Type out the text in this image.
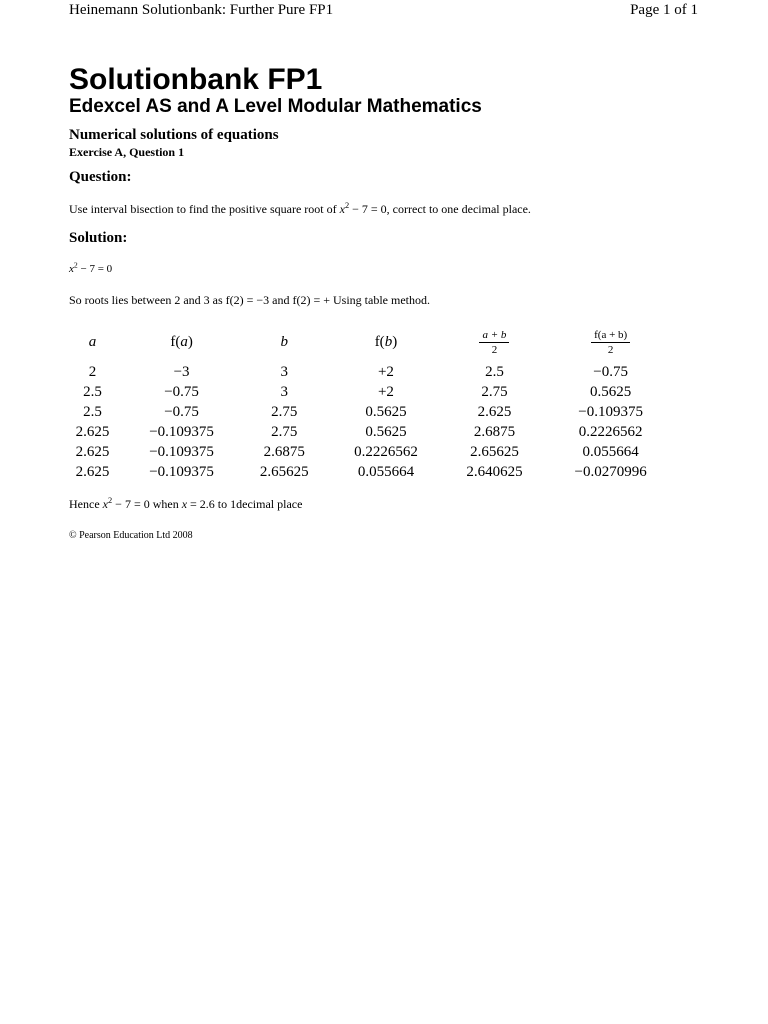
Heinemann Solutionbank: Further Pure FP1	Page 1 of 1
Solutionbank FP1
Edexcel AS and A Level Modular Mathematics
Numerical solutions of equations
Exercise A, Question 1
Question:
Use interval bisection to find the positive square root of $x^2 - 7 = 0$, correct to one decimal place.
Solution:
$x^2 - 7 = 0$
So roots lies between 2 and 3 as f(2) = −3 and f(2) = + Using table method.
a	f(a)	b	f(b)	$\frac{a + b}{2}$	$\frac{f(a + b)}{2}$

2	−3	3	+2	2.5	−0.75
2.5	−0.75	3	+2	2.75	0.5625
2.5	−0.75	2.75	0.5625	2.625	−0.109375
2.625	−0.109375	2.75	0.5625	2.6875	0.2226562
2.625	−0.109375	2.6875	0.2226562	2.65625	0.055664
2.625	−0.109375	2.65625	0.055664	2.640625	−0.0270996
Hence $x^2 - 7 = 0$ when x = 2.6 to 1decimal place
© Pearson Education Ltd 2008
